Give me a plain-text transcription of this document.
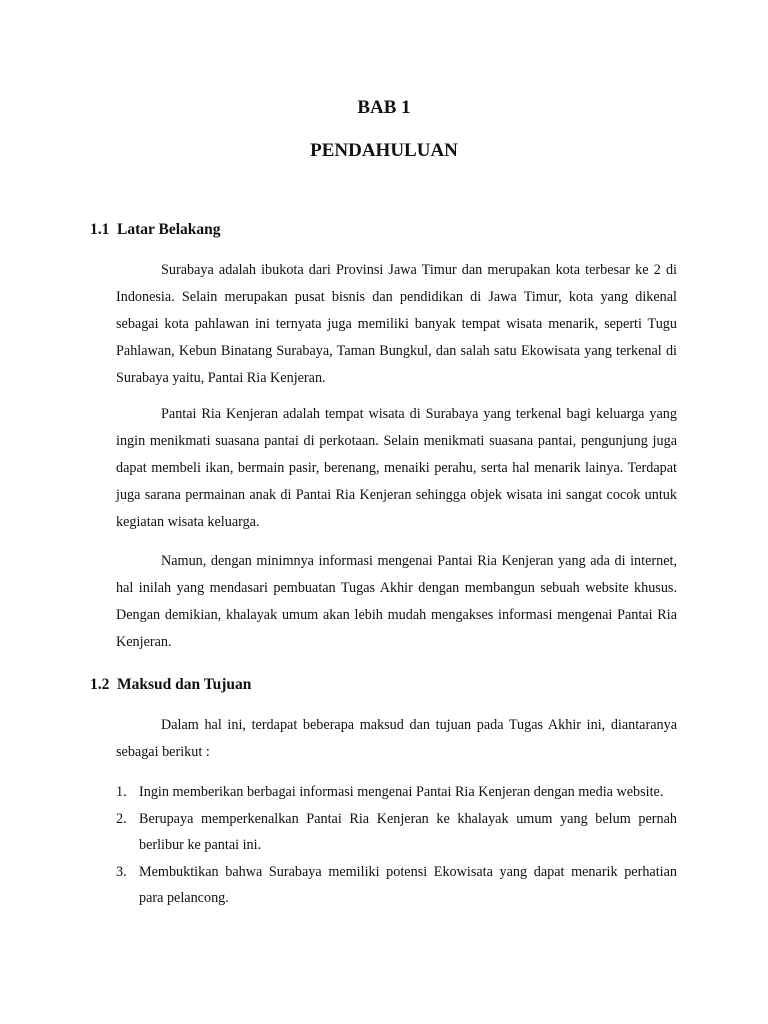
BAB 1
PENDAHULUAN
1.1 Latar Belakang

Surabaya adalah ibukota dari Provinsi Jawa Timur dan merupakan kota terbesar ke 2 di Indonesia. Selain merupakan pusat bisnis dan pendidikan di Jawa Timur, kota yang dikenal sebagai kota pahlawan ini ternyata juga memiliki banyak tempat wisata menarik, seperti Tugu Pahlawan, Kebun Binatang Surabaya, Taman Bungkul, dan salah satu Ekowisata yang terkenal di Surabaya yaitu, Pantai Ria Kenjeran.

Pantai Ria Kenjeran adalah tempat wisata di Surabaya yang terkenal bagi keluarga yang ingin menikmati suasana pantai di perkotaan. Selain menikmati suasana pantai, pengunjung juga dapat membeli ikan, bermain pasir, berenang, menaiki perahu, serta hal menarik lainya. Terdapat juga sarana permainan anak di Pantai Ria Kenjeran sehingga objek wisata ini sangat cocok untuk kegiatan wisata keluarga.

Namun, dengan minimnya informasi mengenai Pantai Ria Kenjeran yang ada di internet, hal inilah yang mendasari pembuatan Tugas Akhir dengan membangun sebuah website khusus. Dengan demikian, khalayak umum akan lebih mudah mengakses informasi mengenai Pantai Ria Kenjeran.

1.2 Maksud dan Tujuan

Dalam hal ini, terdapat beberapa maksud dan tujuan pada Tugas Akhir ini, diantaranya sebagai berikut :

1. Ingin memberikan berbagai informasi mengenai Pantai Ria Kenjeran dengan media website.
2. Berupaya memperkenalkan Pantai Ria Kenjeran ke khalayak umum yang belum pernah berlibur ke pantai ini.
3. Membuktikan bahwa Surabaya memiliki potensi Ekowisata yang dapat menarik perhatian para pelancong.
